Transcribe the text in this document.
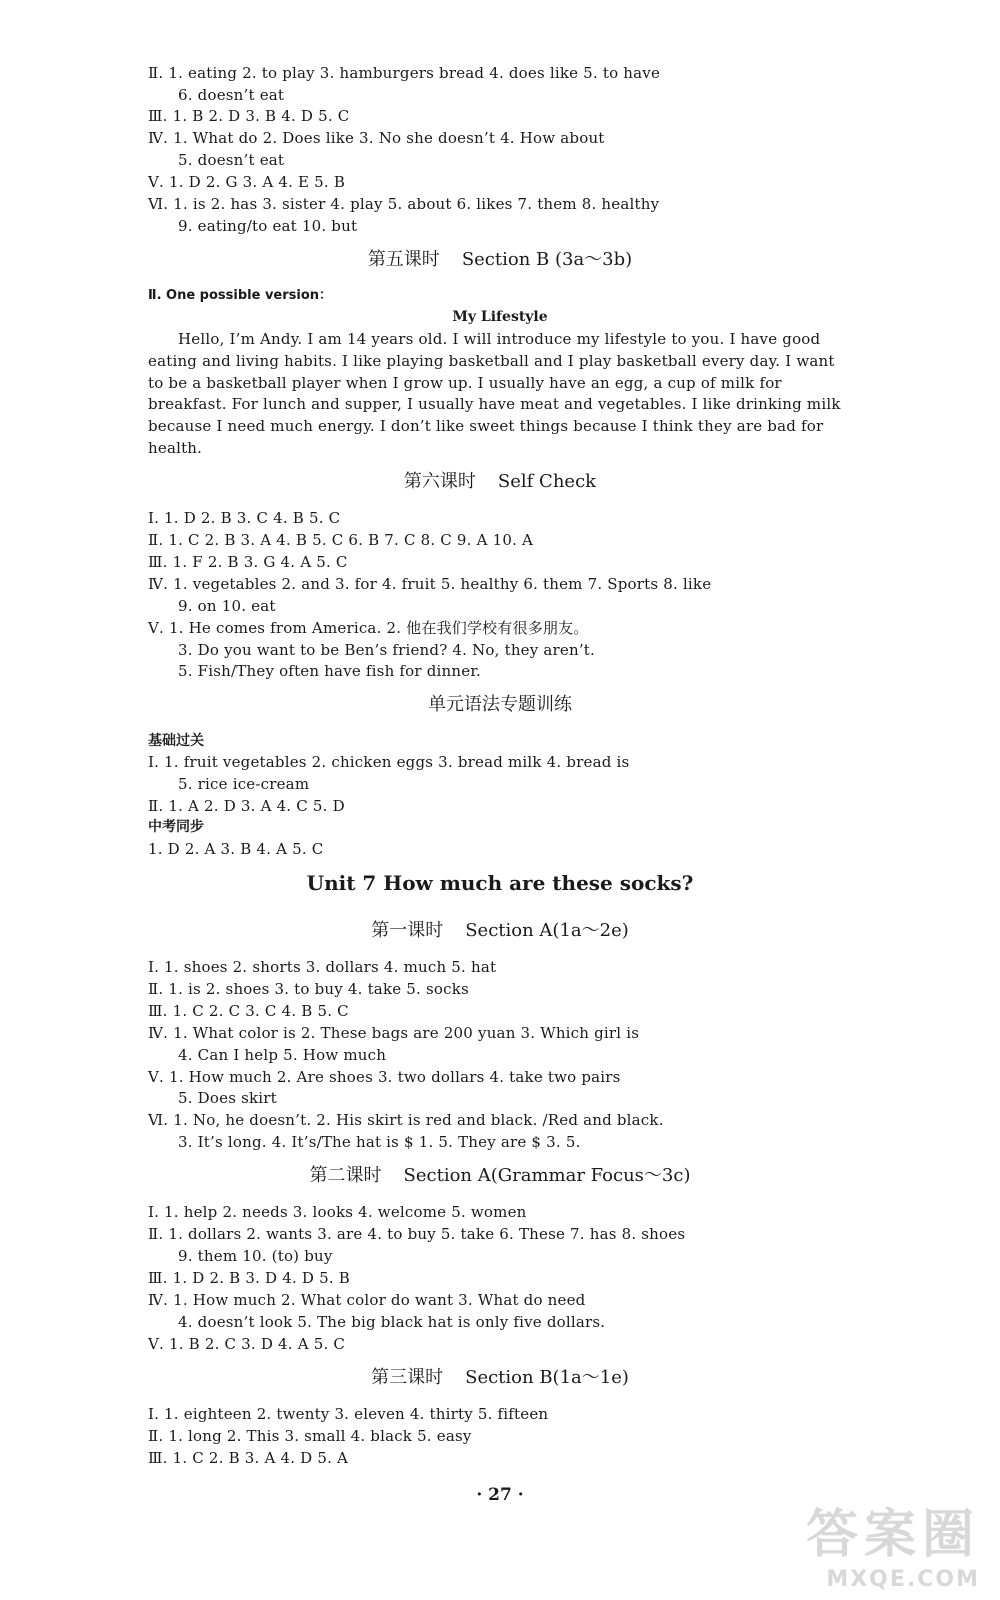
Ⅱ. 1. eating 2. to play 3. hamburgers bread 4. does like 5. to have
6. doesn’t eat
Ⅲ. 1. B 2. D 3. B 4. D 5. C
Ⅳ. 1. What do 2. Does like 3. No she doesn’t 4. How about
5. doesn’t eat
Ⅴ. 1. D 2. G 3. A 4. E 5. B
Ⅵ. 1. is 2. has 3. sister 4. play 5. about 6. likes 7. them 8. healthy
9. eating/to eat 10. but
第五课时 Section B (3a～3b)
Ⅱ. One possible version：
My Lifestyle
Hello, I’m Andy. I am 14 years old. I will introduce my lifestyle to you. I have good eating and living habits. I like playing basketball and I play basketball every day. I want to be a basketball player when I grow up. I usually have an egg, a cup of milk for breakfast. For lunch and supper, I usually have meat and vegetables. I like drinking milk because I need much energy. I don’t like sweet things because I think they are bad for health.
第六课时 Self Check
Ⅰ. 1. D 2. B 3. C 4. B 5. C
Ⅱ. 1. C 2. B 3. A 4. B 5. C 6. B 7. C 8. C 9. A 10. A
Ⅲ. 1. F 2. B 3. G 4. A 5. C
Ⅳ. 1. vegetables 2. and 3. for 4. fruit 5. healthy 6. them 7. Sports 8. like
9. on 10. eat
Ⅴ. 1. He comes from America. 2. 他在我们学校有很多朋友。
3. Do you want to be Ben’s friend? 4. No, they aren’t.
5. Fish/They often have fish for dinner.
单元语法专题训练
基础过关
Ⅰ. 1. fruit vegetables 2. chicken eggs 3. bread milk 4. bread is
5. rice ice-cream
Ⅱ. 1. A 2. D 3. A 4. C 5. D
中考同步
1. D 2. A 3. B 4. A 5. C
Unit 7 How much are these socks?
第一课时 Section A(1a～2e)
Ⅰ. 1. shoes 2. shorts 3. dollars 4. much 5. hat
Ⅱ. 1. is 2. shoes 3. to buy 4. take 5. socks
Ⅲ. 1. C 2. C 3. C 4. B 5. C
Ⅳ. 1. What color is 2. These bags are 200 yuan 3. Which girl is
4. Can I help 5. How much
Ⅴ. 1. How much 2. Are shoes 3. two dollars 4. take two pairs
5. Does skirt
Ⅵ. 1. No, he doesn’t. 2. His skirt is red and black. /Red and black.
3. It’s long. 4. It’s/The hat is $ 1. 5. They are $ 3. 5.
第二课时 Section A(Grammar Focus～3c)
Ⅰ. 1. help 2. needs 3. looks 4. welcome 5. women
Ⅱ. 1. dollars 2. wants 3. are 4. to buy 5. take 6. These 7. has 8. shoes
9. them 10. (to) buy
Ⅲ. 1. D 2. B 3. D 4. D 5. B
Ⅳ. 1. How much 2. What color do want 3. What do need
4. doesn’t look 5. The big black hat is only five dollars.
Ⅴ. 1. B 2. C 3. D 4. A 5. C
第三课时 Section B(1a～1e)
Ⅰ. 1. eighteen 2. twenty 3. eleven 4. thirty 5. fifteen
Ⅱ. 1. long 2. This 3. small 4. black 5. easy
Ⅲ. 1. C 2. B 3. A 4. D 5. A
· 27 ·
答案圈
MXQE.COM
